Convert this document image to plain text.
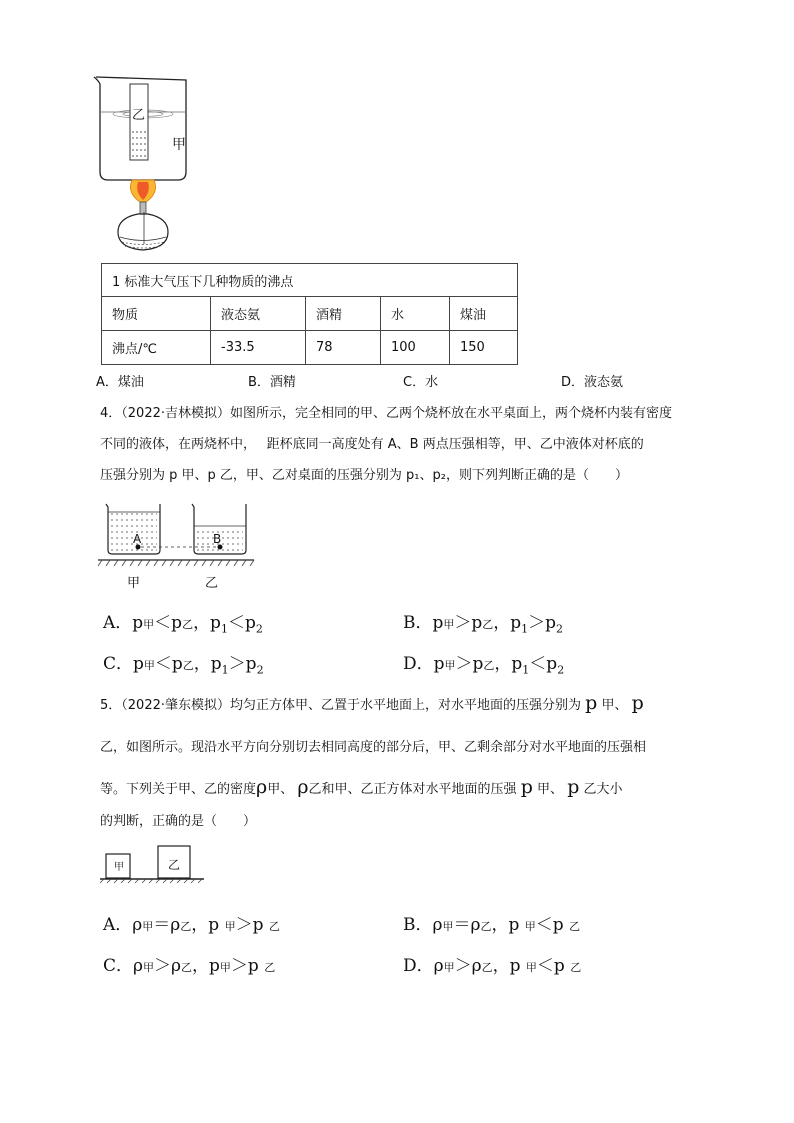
乙
甲
1 标准大气压下几种物质的沸点				
物质	液态氨	酒精	水	煤油
沸点/℃	-33.5	78	100	150
A．煤油	B．酒精	C．水	D．液态氨
4．（2022·吉林模拟）如图所示，完全相同的甲、乙两个烧杯放在水平桌面上，两个烧杯内装有密度
不同的液体，在两烧杯中，　 距杯底同一高度处有 A、B 两点压强相等，甲、乙中液体对杯底的
压强分别为 p 甲、p 乙，甲、乙对桌面的压强分别为 p₁、p₂，则下列判断正确的是（　　）
A	B
甲	乙
A．p甲＜p乙，$p_1<p_2$	B．p甲＞p乙，$p_1>p_2$
C．p甲＜p乙，$p_1>p_2$	D．p甲＞p乙，$p_1<p_2$
5．（2022·肇东模拟）均匀正方体甲、乙置于水平地面上，对水平地面的压强分别为 p 甲、 p
乙，如图所示。现沿水平方向分别切去相同高度的部分后，甲、乙剩余部分对水平地面的压强相
等。下列关于甲、乙的密度ρ甲、 ρ乙和甲、乙正方体对水平地面的压强 p 甲、 p 乙大小
的判断，正确的是（　　）
甲	乙
A．ρ甲＝ρ乙，p 甲＞p 乙	B．ρ甲＝ρ乙，p 甲＜p 乙
C．ρ甲＞ρ乙，p甲＞p 乙	D．ρ甲＞ρ乙，p 甲＜p 乙
